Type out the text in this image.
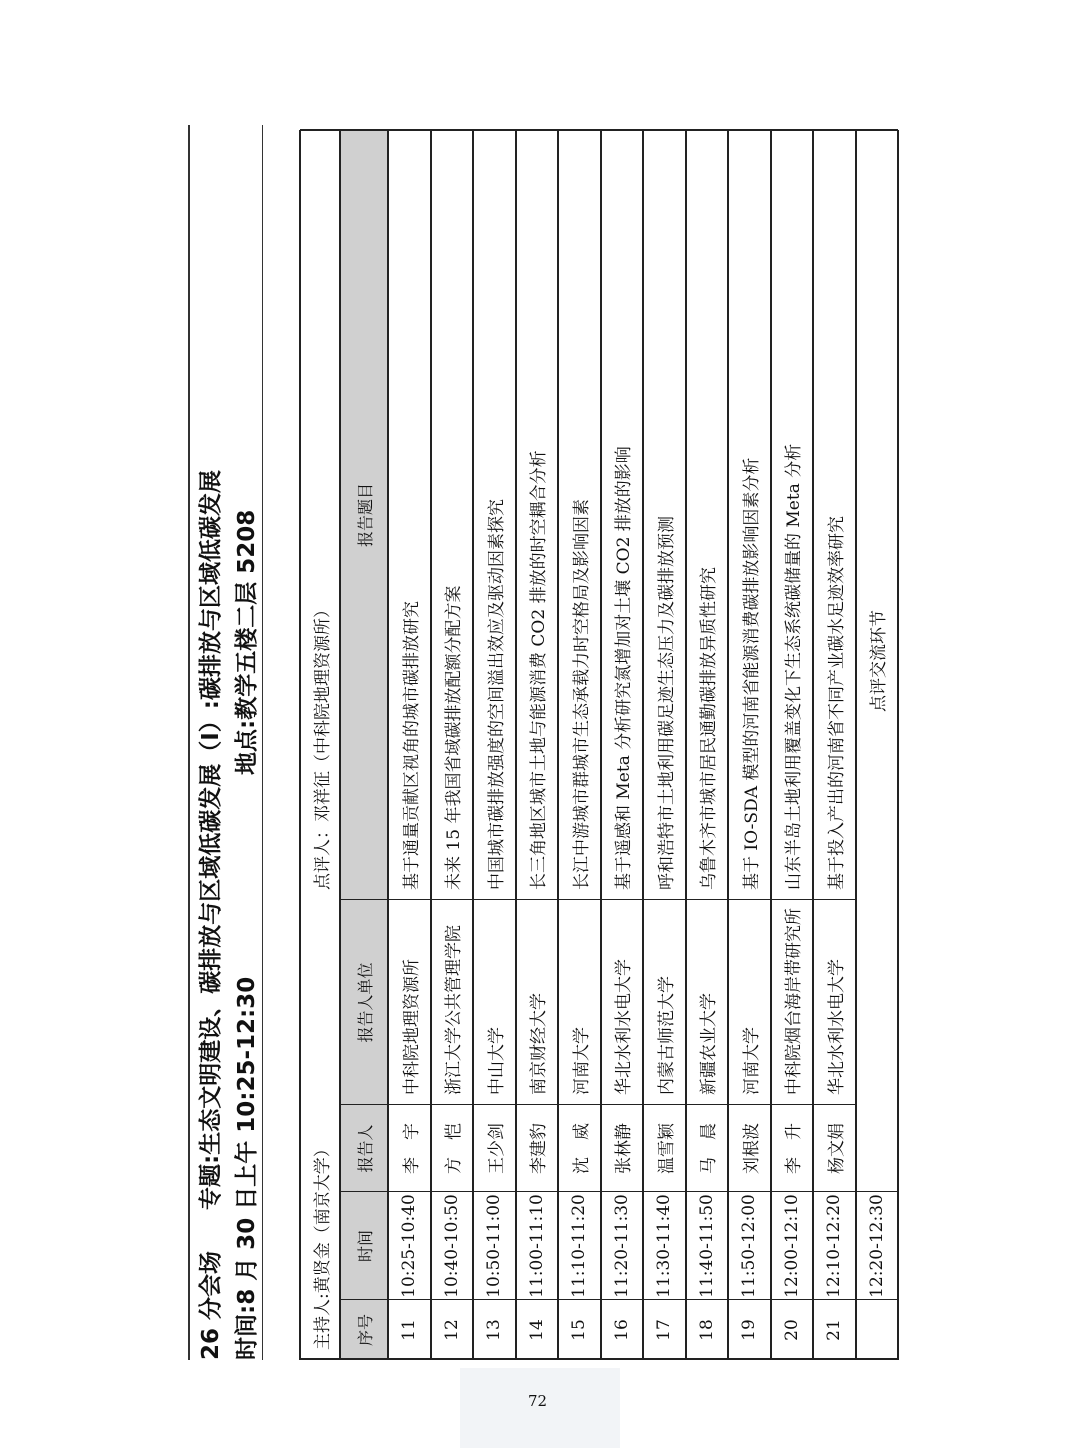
26 分会场
专题:生态文明建设、碳排放与区域低碳发展（I）:碳排放与区域低碳发展 时间:8 月 30 日上午 10:25-12:30
地点:教学五楼二层 5208
主持人:黄贤金（南京大学）
点评人：邓祥征（中科院地理资源所）
序号
时间
报告人
报告人单位
报告题目
11
10:25-10:40
李　宇
中科院地理资源所
基于通量贡献区视角的城市碳排放研究
12
10:40-10:50
方　恺
浙江大学公共管理学院
未来 15 年我国省域碳排放配额分配方案
13
10:50-11:00
王少剑
中山大学
中国城市碳排放强度的空间溢出效应及驱动因素探究
14
11:00-11:10
李建豹
南京财经大学
长三角地区城市土地与能源消费 CO2 排放的时空耦合分析
15
11:10-11:20
沈　威
河南大学
长江中游城市群城市生态承载力时空格局及影响因素
16
11:20-11:30
张林静
华北水利水电大学
基于遥感和 Meta 分析研究氮增加对土壤 CO2 排放的影响
17
11:30-11:40
温雪颖
内蒙古师范大学
呼和浩特市土地利用碳足迹生态压力及碳排放预测
18
11:40-11:50
马　晨
新疆农业大学
乌鲁木齐市城市居民通勤碳排放异质性研究
19
11:50-12:00
刘根波
河南大学
基于 IO-SDA 模型的河南省能源消费碳排放影响因素分析
20
12:00-12:10
李　升
中科院烟台海岸带研究所
山东半岛土地利用覆盖变化下生态系统碳储量的 Meta 分析
21
12:10-12:20
杨文娟
华北水利水电大学
基于投入产出的河南省不同产业碳水足迹效率研究
12:20-12:30
点评交流环节
72
